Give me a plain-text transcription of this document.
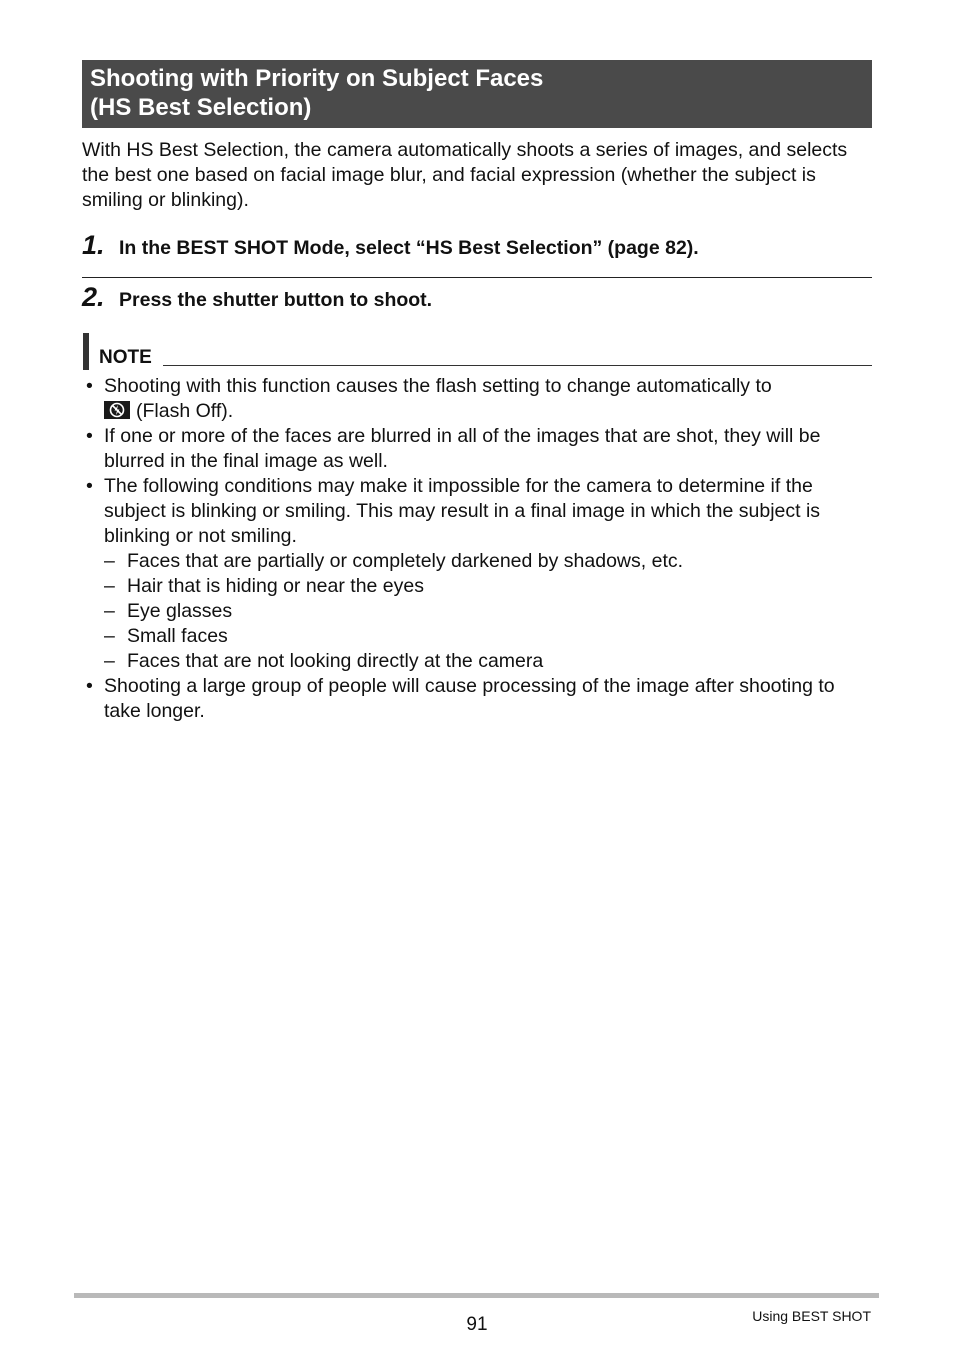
Shooting with Priority on Subject Faces
(HS Best Selection)

With HS Best Selection, the camera automatically shoots a series of images, and selects the best one based on facial image blur, and facial expression (whether the subject is smiling or blinking).

1. In the BEST SHOT Mode, select “HS Best Selection” (page 82).
2. Press the shutter button to shoot.
NOTE
• Shooting with this function causes the flash setting to change automatically to

(Flash Off).
• If one or more of the faces are blurred in all of the images that are shot, they will be blurred in the final image as well.
• The following conditions may make it impossible for the camera to determine if the subject is blinking or smiling. This may result in a final image in which the subject is blinking or not smiling.
– Faces that are partially or completely darkened by shadows, etc.
– Hair that is hiding or near the eyes
– Eye glasses
– Small faces
– Faces that are not looking directly at the camera
• Shooting a large group of people will cause processing of the image after shooting to take longer.
91	Using BEST SHOT
